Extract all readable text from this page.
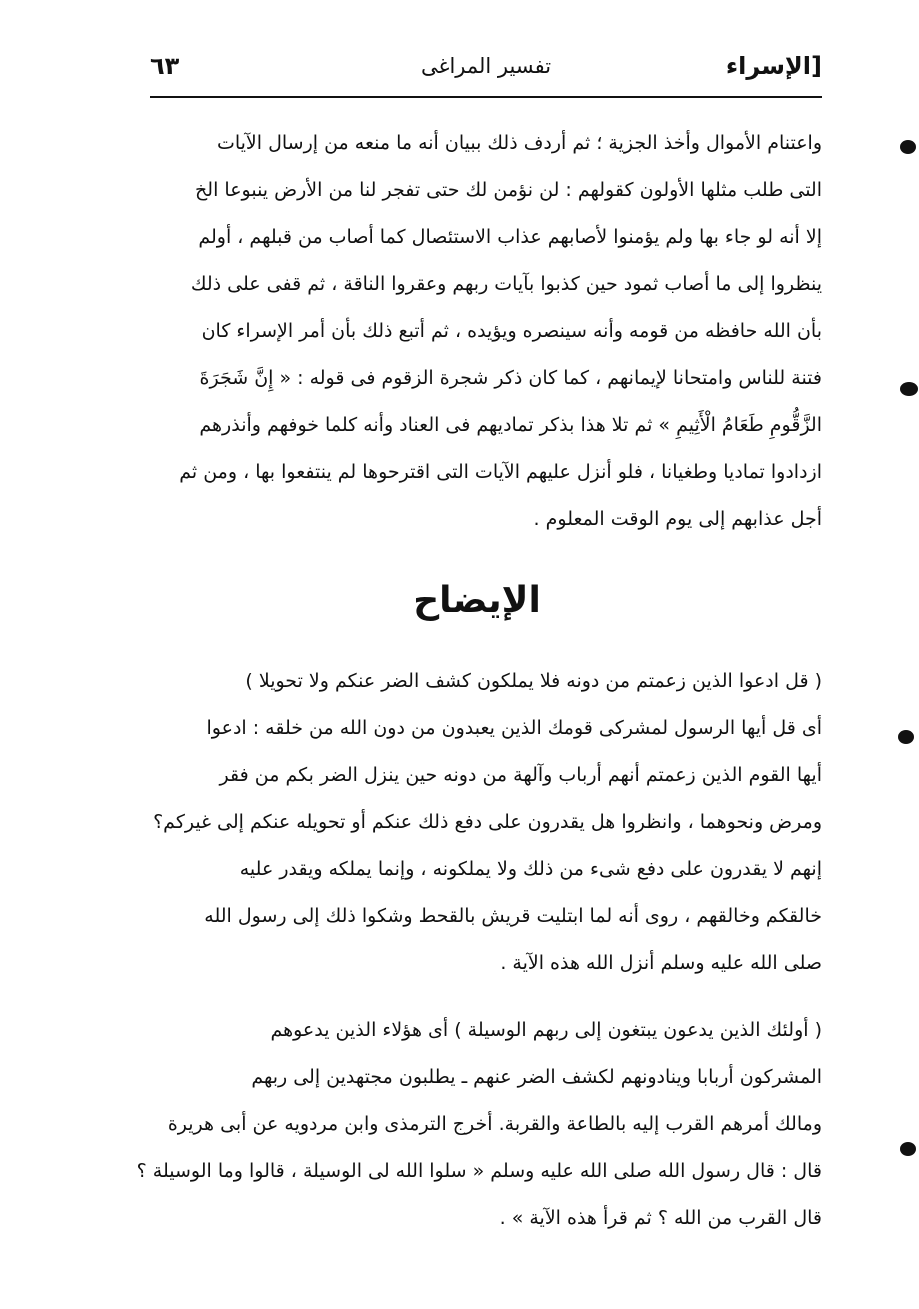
[الإسراء
تفسير المراغى
٦٣
واعتنام الأموال وأخذ الجزية ؛ ثم أردف ذلك ببيان أنه ما منعه من إرسال الآيات
التى طلب مثلها الأولون كقولهم : لن نؤمن لك حتى تفجر لنا من الأرض ينبوعا الخ
إلا أنه لو جاء بها ولم يؤمنوا لأصابهم عذاب الاستئصال كما أصاب من قبلهم ، أولم
ينظروا إلى ما أصاب ثمود حين كذبوا بآيات ربهم وعقروا الناقة ، ثم قفى على ذلك
بأن الله حافظه من قومه وأنه سينصره ويؤيده ، ثم أتبع ذلك بأن أمر الإسراء كان
فتنة للناس وامتحانا لإيمانهم ، كما كان ذكر شجرة الزقوم فى قوله : « إِنَّ شَجَرَةَ
الزَّقُّومِ طَعَامُ الْأَثِيمِ » ثم تلا هذا بذكر تماديهم فى العناد وأنه كلما خوفهم وأنذرهم
ازدادوا تماديا وطغيانا ، فلو أنزل عليهم الآيات التى اقترحوها لم ينتفعوا بها ، ومن ثم
أجل عذابهم إلى يوم الوقت المعلوم .
الإيضاح
( قل ادعوا الذين زعمتم من دونه فلا يملكون كشف الضر عنكم ولا تحويلا )
أى قل أيها الرسول لمشركى قومك الذين يعبدون من دون الله من خلقه : ادعوا
أيها القوم الذين زعمتم أنهم أرباب وآلهة من دونه حين ينزل الضر بكم من فقر
ومرض ونحوهما ، وانظروا هل يقدرون على دفع ذلك عنكم أو تحويله عنكم إلى غيركم؟
إنهم لا يقدرون على دفع شىء من ذلك ولا يملكونه ، وإنما يملكه ويقدر عليه
خالقكم وخالقهم ، روى أنه لما ابتليت قريش بالقحط وشكوا ذلك إلى رسول الله
صلى الله عليه وسلم أنزل الله هذه الآية .
( أولئك الذين يدعون يبتغون إلى ربهم الوسيلة ) أى هؤلاء الذين يدعوهم
المشركون أربابا وينادونهم لكشف الضر عنهم ـ يطلبون مجتهدين إلى ربهم
ومالك أمرهم القرب إليه بالطاعة والقربة. أخرج الترمذى وابن مردويه عن أبى هريرة
قال : قال رسول الله صلى الله عليه وسلم « سلوا الله لى الوسيلة ، قالوا وما الوسيلة ؟
قال القرب من الله ؟ ثم قرأ هذه الآية » .
